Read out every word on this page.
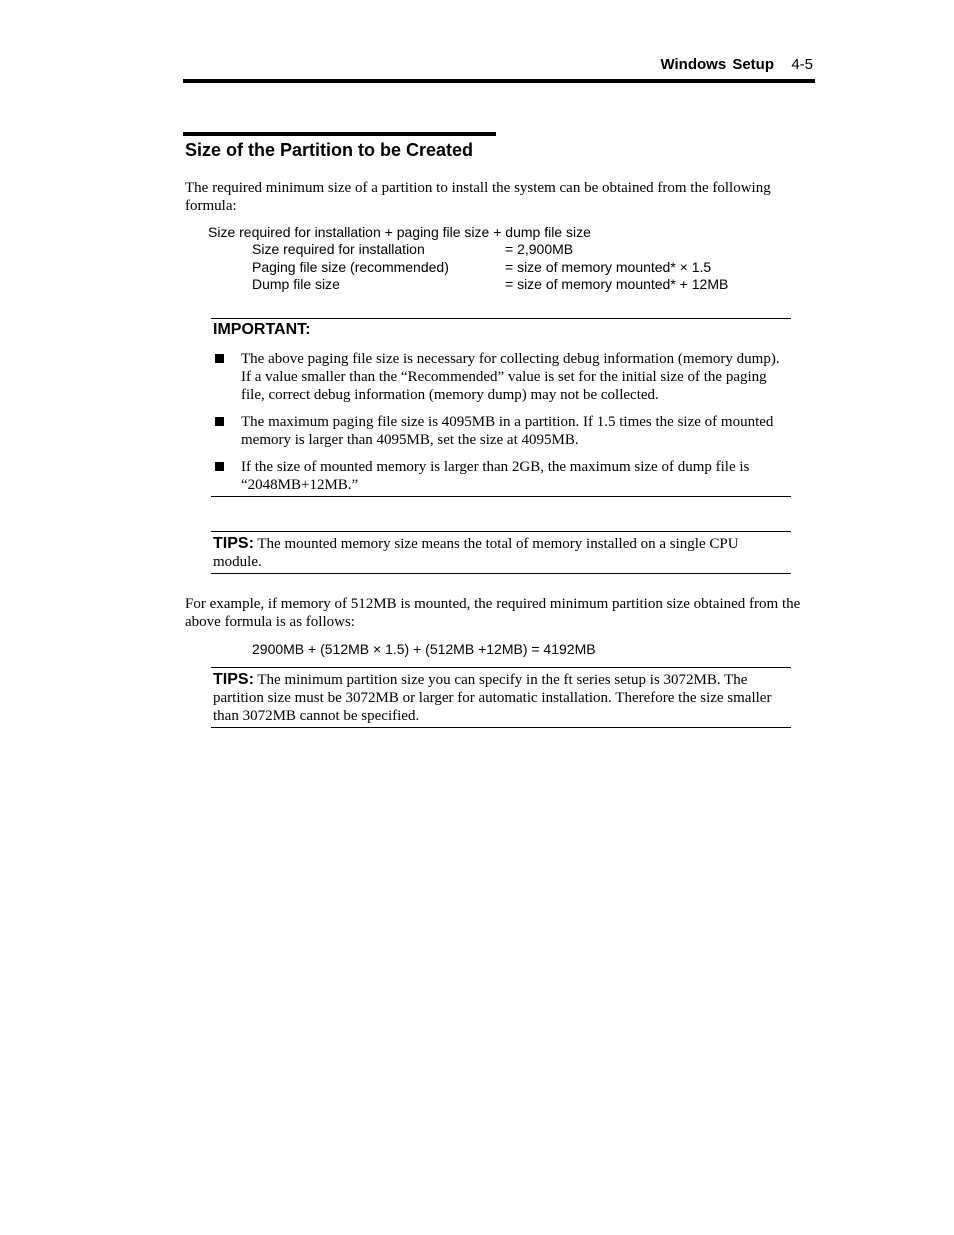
Windows Setup 4-5
Size of the Partition to be Created
The required minimum size of a partition to install the system can be obtained from the following formula:
Size required for installation + paging file size + dump file size
Size required for installation	= 2,900MB
Paging file size (recommended)	= size of memory mounted* × 1.5
Dump file size	= size of memory mounted* + 12MB
IMPORTANT:
The above paging file size is necessary for collecting debug information (memory dump). If a value smaller than the “Recommended” value is set for the initial size of the paging file, correct debug information (memory dump) may not be collected.
The maximum paging file size is 4095MB in a partition. If 1.5 times the size of mounted memory is larger than 4095MB, set the size at 4095MB.
If the size of mounted memory is larger than 2GB, the maximum size of dump file is “2048MB+12MB.”
TIPS: The mounted memory size means the total of memory installed on a single CPU module.
For example, if memory of 512MB is mounted, the required minimum partition size obtained from the above formula is as follows:
2900MB + (512MB × 1.5) + (512MB +12MB) = 4192MB
TIPS: The minimum partition size you can specify in the ft series setup is 3072MB. The partition size must be 3072MB or larger for automatic installation. Therefore the size smaller than 3072MB cannot be specified.
